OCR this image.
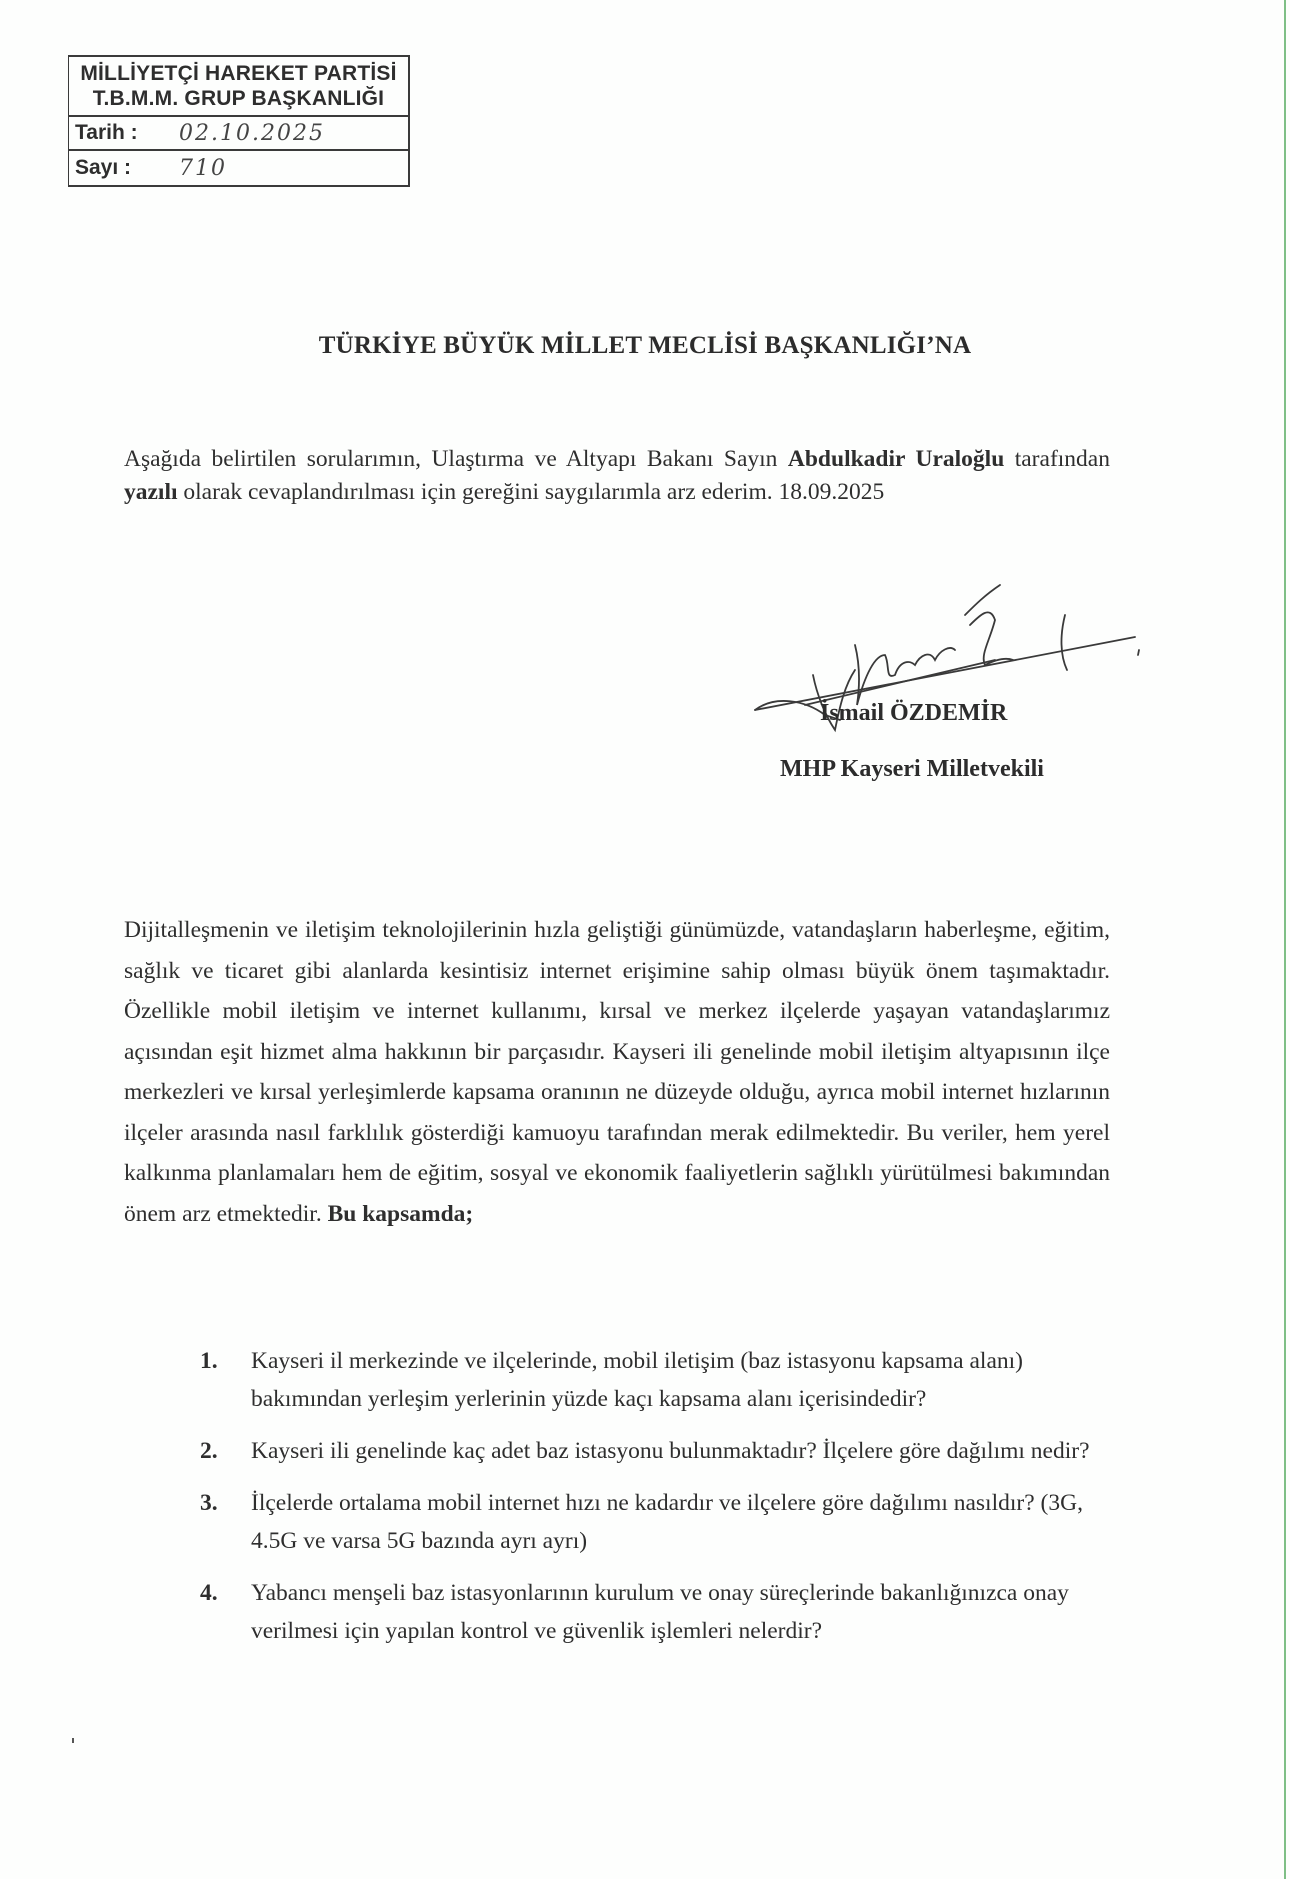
MİLLİYETÇİ HAREKET PARTİSİ
T.B.M.M. GRUP BAŞKANLIĞI
Tarih :	02.10.2025
Sayı :	710
TÜRKİYE BÜYÜK MİLLET MECLİSİ BAŞKANLIĞI’NA
Aşağıda belirtilen sorularımın, Ulaştırma ve Altyapı Bakanı Sayın Abdulkadir Uraloğlu tarafından yazılı olarak cevaplandırılması için gereğini saygılarımla arz ederim. 18.09.2025
İsmail ÖZDEMİR
MHP Kayseri Milletvekili
Dijitalleşmenin ve iletişim teknolojilerinin hızla geliştiği günümüzde, vatandaşların haberleşme, eğitim, sağlık ve ticaret gibi alanlarda kesintisiz internet erişimine sahip olması büyük önem taşımaktadır. Özellikle mobil iletişim ve internet kullanımı, kırsal ve merkez ilçelerde yaşayan vatandaşlarımız açısından eşit hizmet alma hakkının bir parçasıdır. Kayseri ili genelinde mobil iletişim altyapısının ilçe merkezleri ve kırsal yerleşimlerde kapsama oranının ne düzeyde olduğu, ayrıca mobil internet hızlarının ilçeler arasında nasıl farklılık gösterdiği kamuoyu tarafından merak edilmektedir. Bu veriler, hem yerel kalkınma planlamaları hem de eğitim, sosyal ve ekonomik faaliyetlerin sağlıklı yürütülmesi bakımından önem arz etmektedir. Bu kapsamda;
1.	Kayseri il merkezinde ve ilçelerinde, mobil iletişim (baz istasyonu kapsama alanı) bakımından yerleşim yerlerinin yüzde kaçı kapsama alanı içerisindedir?
2.	Kayseri ili genelinde kaç adet baz istasyonu bulunmaktadır? İlçelere göre dağılımı nedir?
3.	İlçelerde ortalama mobil internet hızı ne kadardır ve ilçelere göre dağılımı nasıldır? (3G, 4.5G ve varsa 5G bazında ayrı ayrı)
4.	Yabancı menşeli baz istasyonlarının kurulum ve onay süreçlerinde bakanlığınızca onay verilmesi için yapılan kontrol ve güvenlik işlemleri nelerdir?
